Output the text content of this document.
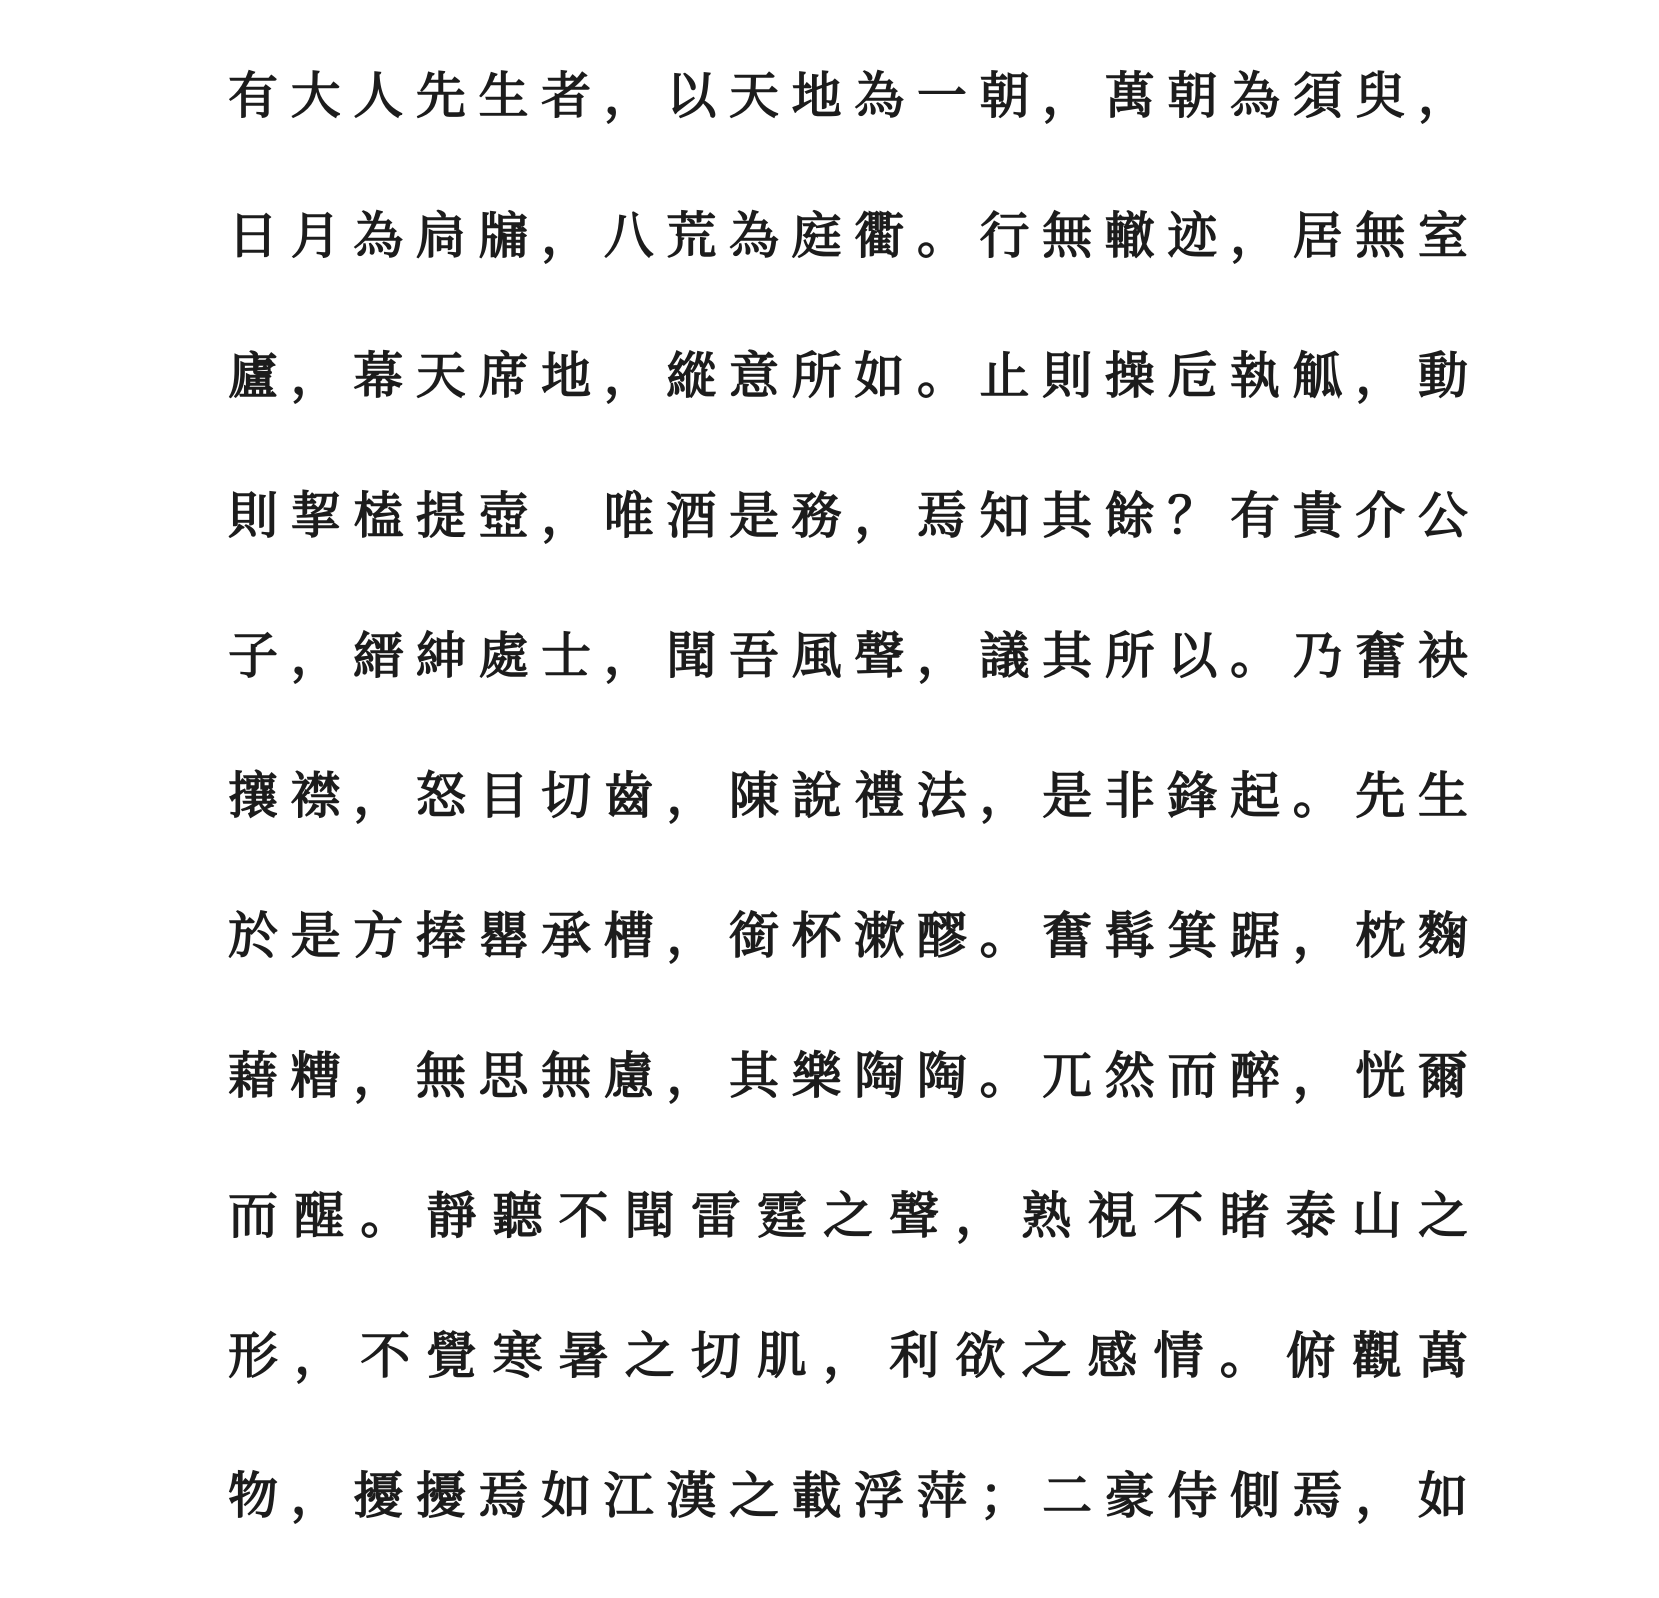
有 大 人 先 生 者 ， 以 天 地 為 一 朝 ， 萬 朝 為 須 臾 ，
日 月 為 扃 牖 ， 八 荒 為 庭 衢 。 行 無 轍 迹 ， 居 無 室
廬 ， 幕 天 席 地 ， 縱 意 所 如 。 止 則 操 卮 執 觚 ， 動
則 挈 榼 提 壺 ， 唯 酒 是 務 ， 焉 知 其 餘 ？ 有 貴 介 公
子 ， 縉 紳 處 士 ， 聞 吾 風 聲 ， 議 其 所 以 。 乃 奮 袂
攘 襟 ， 怒 目 切 齒 ， 陳 說 禮 法 ， 是 非 鋒 起 。 先 生
於 是 方 捧 罌 承 槽 ， 銜 杯 漱 醪 。 奮 髯 箕 踞 ， 枕 麴
藉 糟 ， 無 思 無 慮 ， 其 樂 陶 陶 。 兀 然 而 醉 ， 恍 爾
而 醒 。 靜 聽 不 聞 雷 霆 之 聲 ， 熟 視 不 睹 泰 山 之
形 ， 不 覺 寒 暑 之 切 肌 ， 利 欲 之 感 情 。 俯 觀 萬
物 ， 擾 擾 焉 如 江 漢 之 載 浮 萍 ； 二 豪 侍 側 焉 ， 如
